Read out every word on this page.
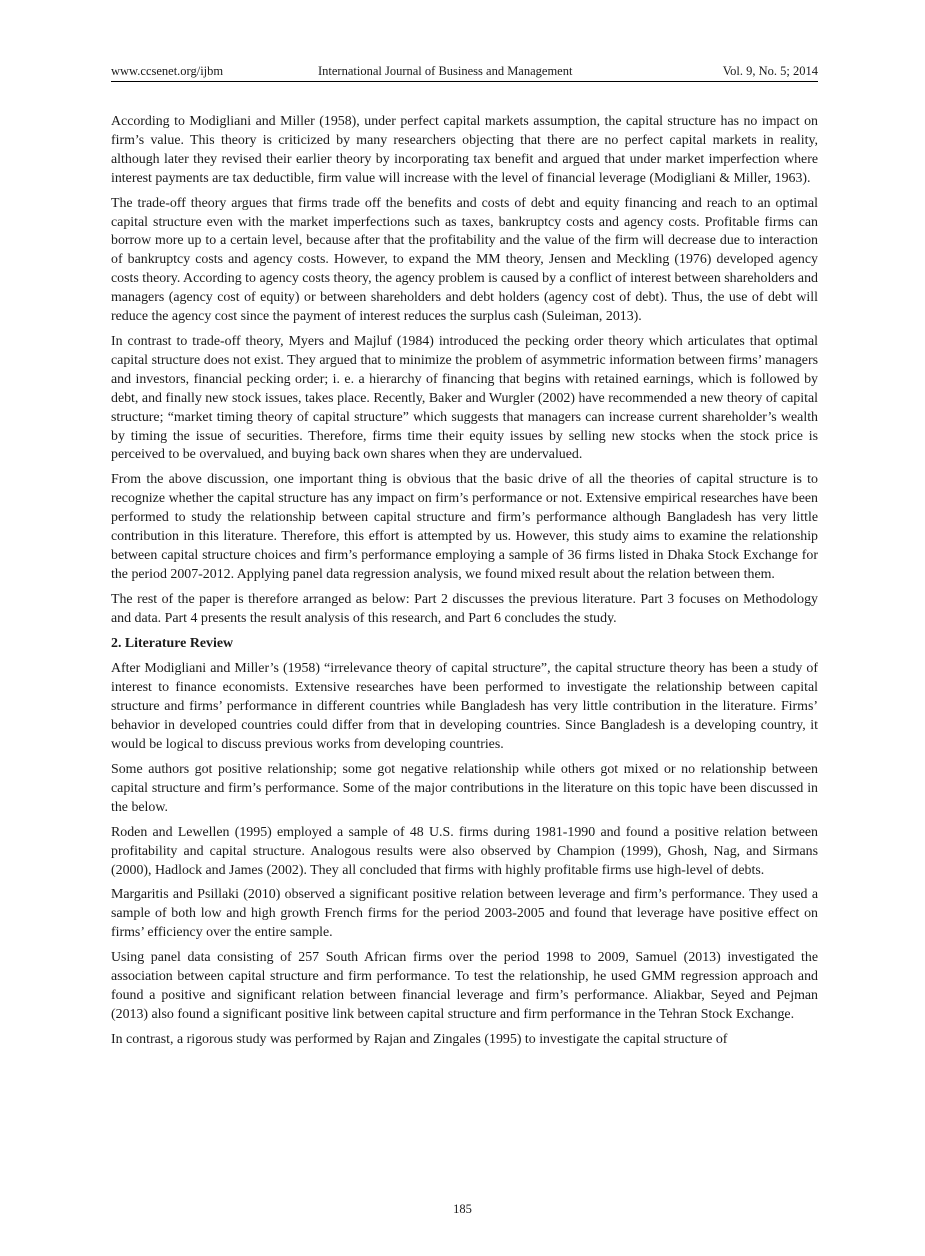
www.ccsenet.org/ijbm	International Journal of Business and Management	Vol. 9, No. 5; 2014

According to Modigliani and Miller (1958), under perfect capital markets assumption, the capital structure has no impact on firm’s value. This theory is criticized by many researchers objecting that there are no perfect capital markets in reality, although later they revised their earlier theory by incorporating tax benefit and argued that under market imperfection where interest payments are tax deductible, firm value will increase with the level of financial leverage (Modigliani & Miller, 1963).

The trade-off theory argues that firms trade off the benefits and costs of debt and equity financing and reach to an optimal capital structure even with the market imperfections such as taxes, bankruptcy costs and agency costs. Profitable firms can borrow more up to a certain level, because after that the profitability and the value of the firm will decrease due to interaction of bankruptcy costs and agency costs. However, to expand the MM theory, Jensen and Meckling (1976) developed agency costs theory. According to agency costs theory, the agency problem is caused by a conflict of interest between shareholders and managers (agency cost of equity) or between shareholders and debt holders (agency cost of debt). Thus, the use of debt will reduce the agency cost since the payment of interest reduces the surplus cash (Suleiman, 2013).

In contrast to trade-off theory, Myers and Majluf (1984) introduced the pecking order theory which articulates that optimal capital structure does not exist. They argued that to minimize the problem of asymmetric information between firms’ managers and investors, financial pecking order; i. e. a hierarchy of financing that begins with retained earnings, which is followed by debt, and finally new stock issues, takes place. Recently, Baker and Wurgler (2002) have recommended a new theory of capital structure; “market timing theory of capital structure” which suggests that managers can increase current shareholder’s wealth by timing the issue of securities. Therefore, firms time their equity issues by selling new stocks when the stock price is perceived to be overvalued, and buying back own shares when they are undervalued.

From the above discussion, one important thing is obvious that the basic drive of all the theories of capital structure is to recognize whether the capital structure has any impact on firm’s performance or not. Extensive empirical researches have been performed to study the relationship between capital structure and firm’s performance although Bangladesh has very little contribution in this literature. Therefore, this effort is attempted by us. However, this study aims to examine the relationship between capital structure choices and firm’s performance employing a sample of 36 firms listed in Dhaka Stock Exchange for the period 2007-2012. Applying panel data regression analysis, we found mixed result about the relation between them.

The rest of the paper is therefore arranged as below: Part 2 discusses the previous literature. Part 3 focuses on Methodology and data. Part 4 presents the result analysis of this research, and Part 6 concludes the study.

2. Literature Review

After Modigliani and Miller’s (1958) “irrelevance theory of capital structure”, the capital structure theory has been a study of interest to finance economists. Extensive researches have been performed to investigate the relationship between capital structure and firms’ performance in different countries while Bangladesh has very little contribution in the literature. Firms’ behavior in developed countries could differ from that in developing countries. Since Bangladesh is a developing country, it would be logical to discuss previous works from developing countries.

Some authors got positive relationship; some got negative relationship while others got mixed or no relationship between capital structure and firm’s performance. Some of the major contributions in the literature on this topic have been discussed in the below.

Roden and Lewellen (1995) employed a sample of 48 U.S. firms during 1981-1990 and found a positive relation between profitability and capital structure. Analogous results were also observed by Champion (1999), Ghosh, Nag, and Sirmans (2000), Hadlock and James (2002). They all concluded that firms with highly profitable firms use high-level of debts.

Margaritis and Psillaki (2010) observed a significant positive relation between leverage and firm’s performance. They used a sample of both low and high growth French firms for the period 2003-2005 and found that leverage have positive effect on firms’ efficiency over the entire sample.

Using panel data consisting of 257 South African firms over the period 1998 to 2009, Samuel (2013) investigated the association between capital structure and firm performance. To test the relationship, he used GMM regression approach and found a positive and significant relation between financial leverage and firm’s performance. Aliakbar, Seyed and Pejman (2013) also found a significant positive link between capital structure and firm performance in the Tehran Stock Exchange.

In contrast, a rigorous study was performed by Rajan and Zingales (1995) to investigate the capital structure of

185
